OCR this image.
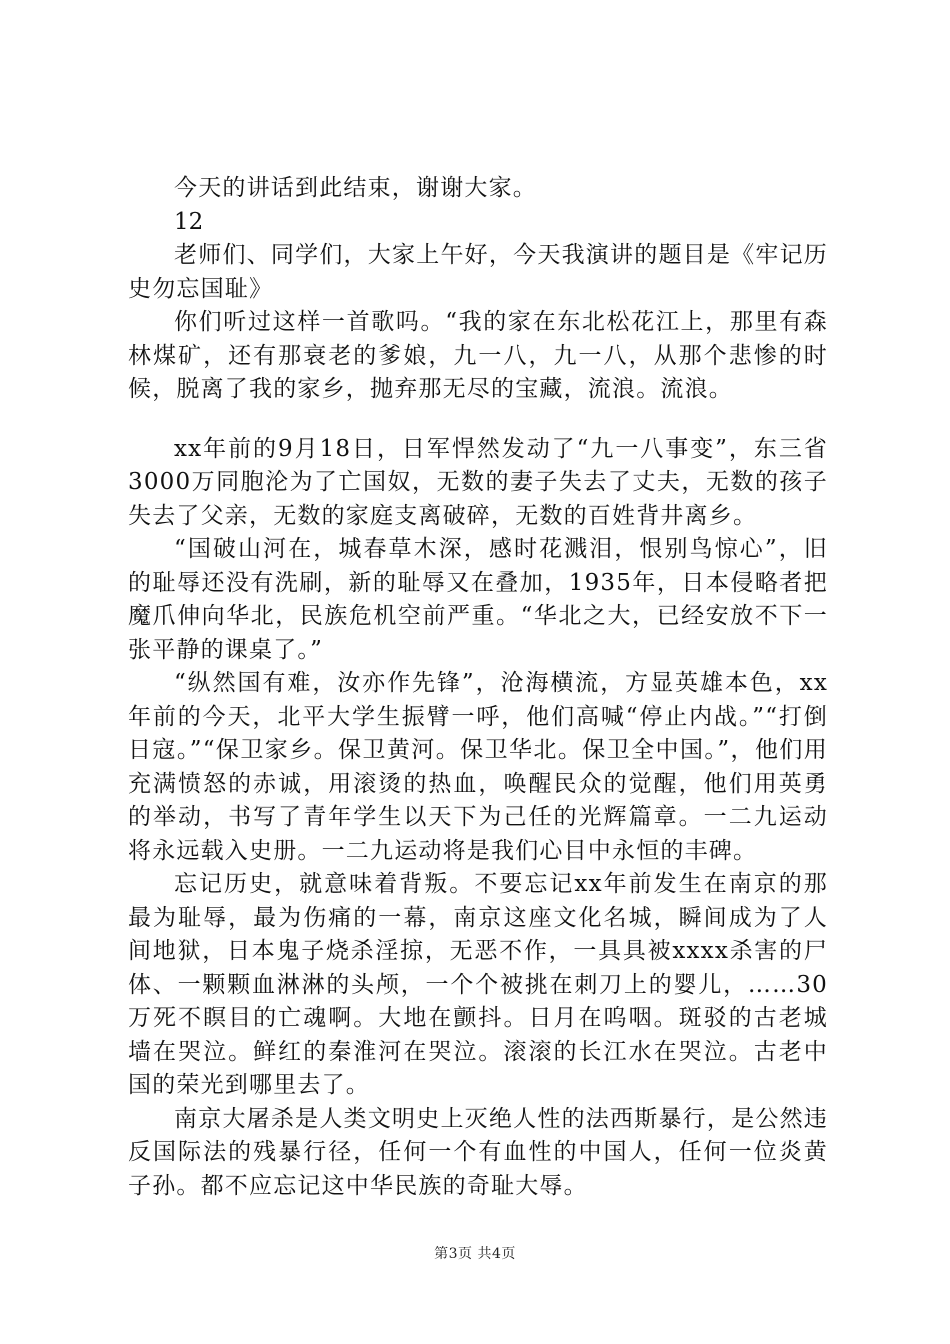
今天的讲话到此结束，谢谢大家。

12

老师们、同学们，大家上午好，今天我演讲的题目是《牢记历史勿忘国耻》

你们听过这样一首歌吗。“我的家在东北松花江上，那里有森林煤矿，还有那衰老的爹娘，九一八，九一八，从那个悲惨的时候，脱离了我的家乡，抛弃那无尽的宝藏，流浪。流浪。

xx年前的9月18日，日军悍然发动了“九一八事变”，东三省3000万同胞沦为了亡国奴，无数的妻子失去了丈夫，无数的孩子失去了父亲，无数的家庭支离破碎，无数的百姓背井离乡。

“国破山河在，城春草木深，感时花溅泪，恨别鸟惊心”，旧的耻辱还没有洗刷，新的耻辱又在叠加，1935年，日本侵略者把魔爪伸向华北，民族危机空前严重。“华北之大，已经安放不下一张平静的课桌了。”

“纵然国有难，汝亦作先锋”，沧海横流，方显英雄本色，xx年前的今天，北平大学生振臂一呼，他们高喊“停止内战。”“打倒日寇。”“保卫家乡。保卫黄河。保卫华北。保卫全中国。”，他们用充满愤怒的赤诚，用滚烫的热血，唤醒民众的觉醒，他们用英勇的举动，书写了青年学生以天下为己任的光辉篇章。一二九运动将永远载入史册。一二九运动将是我们心目中永恒的丰碑。

忘记历史，就意味着背叛。不要忘记xx年前发生在南京的那最为耻辱，最为伤痛的一幕，南京这座文化名城，瞬间成为了人间地狱，日本鬼子烧杀淫掠，无恶不作，一具具被xxxx杀害的尸体、一颗颗血淋淋的头颅，一个个被挑在刺刀上的婴儿，……30万死不瞑目的亡魂啊。大地在颤抖。日月在呜咽。斑驳的古老城墙在哭泣。鲜红的秦淮河在哭泣。滚滚的长江水在哭泣。古老中国的荣光到哪里去了。

南京大屠杀是人类文明史上灭绝人性的法西斯暴行，是公然违反国际法的残暴行径，任何一个有血性的中国人，任何一位炎黄子孙。都不应忘记这中华民族的奇耻大辱。

第3页 共4页
